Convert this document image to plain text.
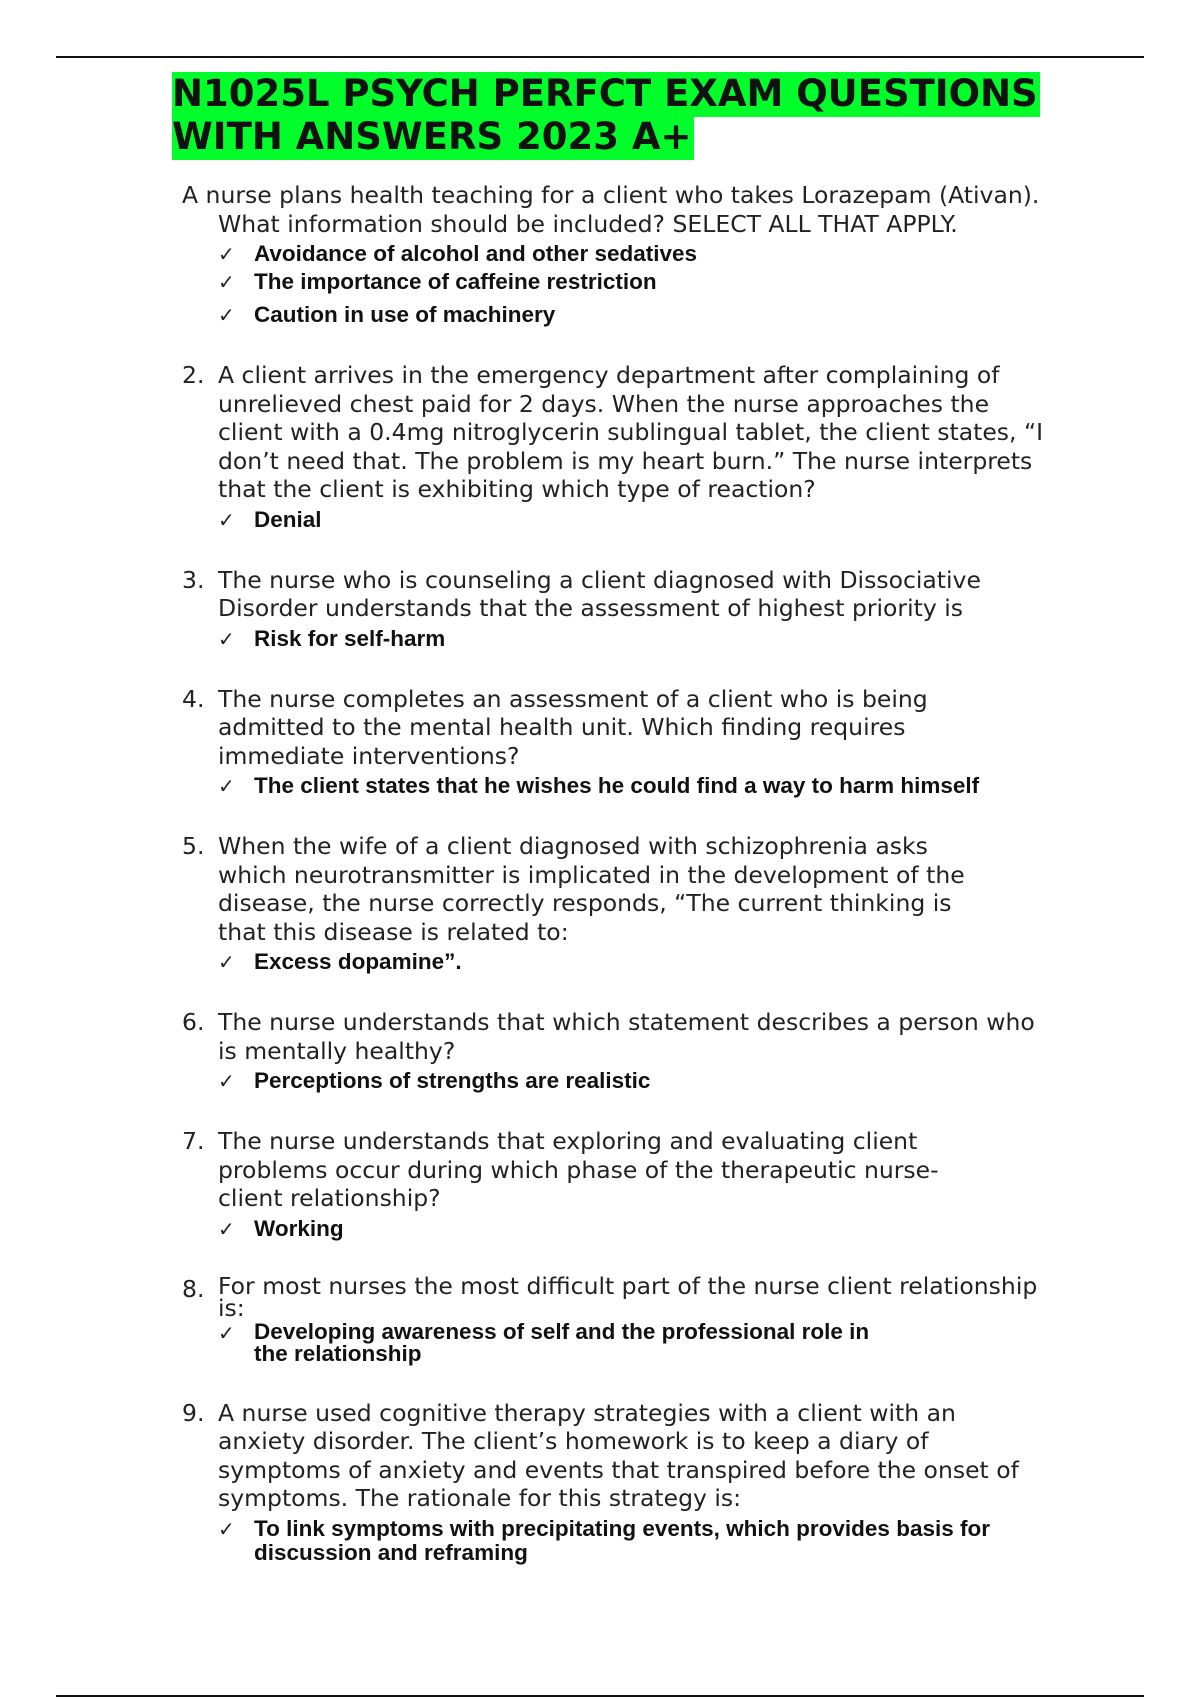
N1025L PSYCH PERFCT EXAM QUESTIONS WITH ANSWERS 2023 A+
A nurse plans health teaching for a client who takes Lorazepam (Ativan).
What information should be included? SELECT ALL THAT APPLY.
✓ Avoidance of alcohol and other sedatives
✓ The importance of caffeine restriction
✓ Caution in use of machinery
2. A client arrives in the emergency department after complaining of
unrelieved chest paid for 2 days. When the nurse approaches the
client with a 0.4mg nitroglycerin sublingual tablet, the client states, “I
don’t need that. The problem is my heart burn.” The nurse interprets
that the client is exhibiting which type of reaction?
✓ Denial
3. The nurse who is counseling a client diagnosed with Dissociative
Disorder understands that the assessment of highest priority is
✓ Risk for self-harm
4. The nurse completes an assessment of a client who is being
admitted to the mental health unit. Which finding requires
immediate interventions?
✓ The client states that he wishes he could find a way to harm himself
5. When the wife of a client diagnosed with schizophrenia asks
which neurotransmitter is implicated in the development of the
disease, the nurse correctly responds, “The current thinking is
that this disease is related to:
✓ Excess dopamine”.
6. The nurse understands that which statement describes a person who
is mentally healthy?
✓ Perceptions of strengths are realistic
7. The nurse understands that exploring and evaluating client
problems occur during which phase of the therapeutic nurse-
client relationship?
✓ Working
8. For most nurses the most difficult part of the nurse client relationship
is:
✓ Developing awareness of self and the professional role in
the relationship
9. A nurse used cognitive therapy strategies with a client with an
anxiety disorder. The client’s homework is to keep a diary of
symptoms of anxiety and events that transpired before the onset of
symptoms. The rationale for this strategy is:
✓ To link symptoms with precipitating events, which provides basis for
discussion and reframing
